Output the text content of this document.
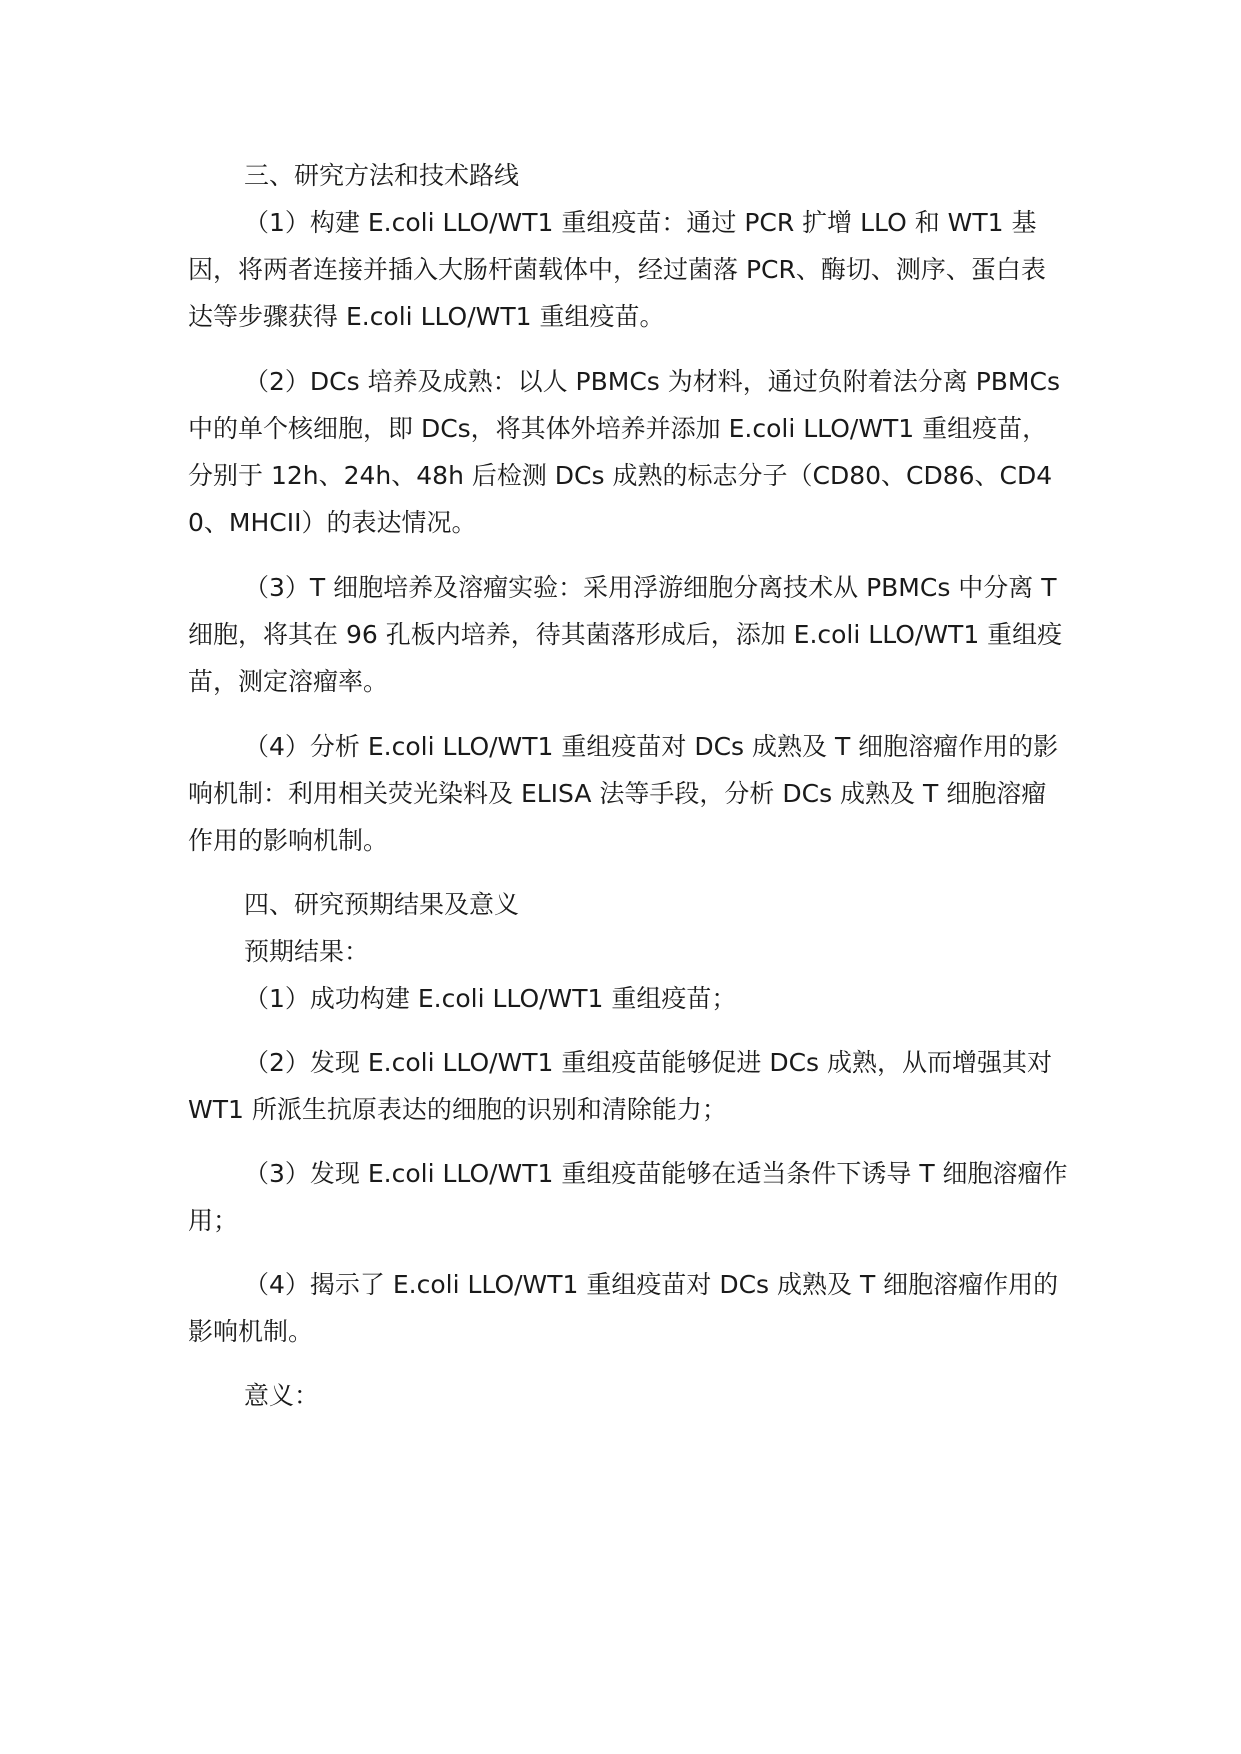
三、研究方法和技术路线

（1）构建 E.coli LLO/WT1 重组疫苗：通过 PCR 扩增 LLO 和 WT1 基因，将两者连接并插入大肠杆菌载体中，经过菌落 PCR、酶切、测序、蛋白表达等步骤获得 E.coli LLO/WT1 重组疫苗。

（2）DCs 培养及成熟：以人 PBMCs 为材料，通过负附着法分离 PBMCs 中的单个核细胞，即 DCs，将其体外培养并添加 E.coli LLO/WT1 重组疫苗，分别于 12h、24h、48h 后检测 DCs 成熟的标志分子（CD80、CD86、CD40、MHCII）的表达情况。

（3）T 细胞培养及溶瘤实验：采用浮游细胞分离技术从 PBMCs 中分离 T 细胞，将其在 96 孔板内培养，待其菌落形成后，添加 E.coli LLO/WT1 重组疫苗，测定溶瘤率。

（4）分析 E.coli LLO/WT1 重组疫苗对 DCs 成熟及 T 细胞溶瘤作用的影响机制：利用相关荧光染料及 ELISA 法等手段，分析 DCs 成熟及 T 细胞溶瘤作用的影响机制。

四、研究预期结果及意义

预期结果：

（1）成功构建 E.coli LLO/WT1 重组疫苗；

（2）发现 E.coli LLO/WT1 重组疫苗能够促进 DCs 成熟，从而增强其对 WT1 所派生抗原表达的细胞的识别和清除能力；

（3）发现 E.coli LLO/WT1 重组疫苗能够在适当条件下诱导 T 细胞溶瘤作用；

（4）揭示了 E.coli LLO/WT1 重组疫苗对 DCs 成熟及 T 细胞溶瘤作用的影响机制。

意义：
